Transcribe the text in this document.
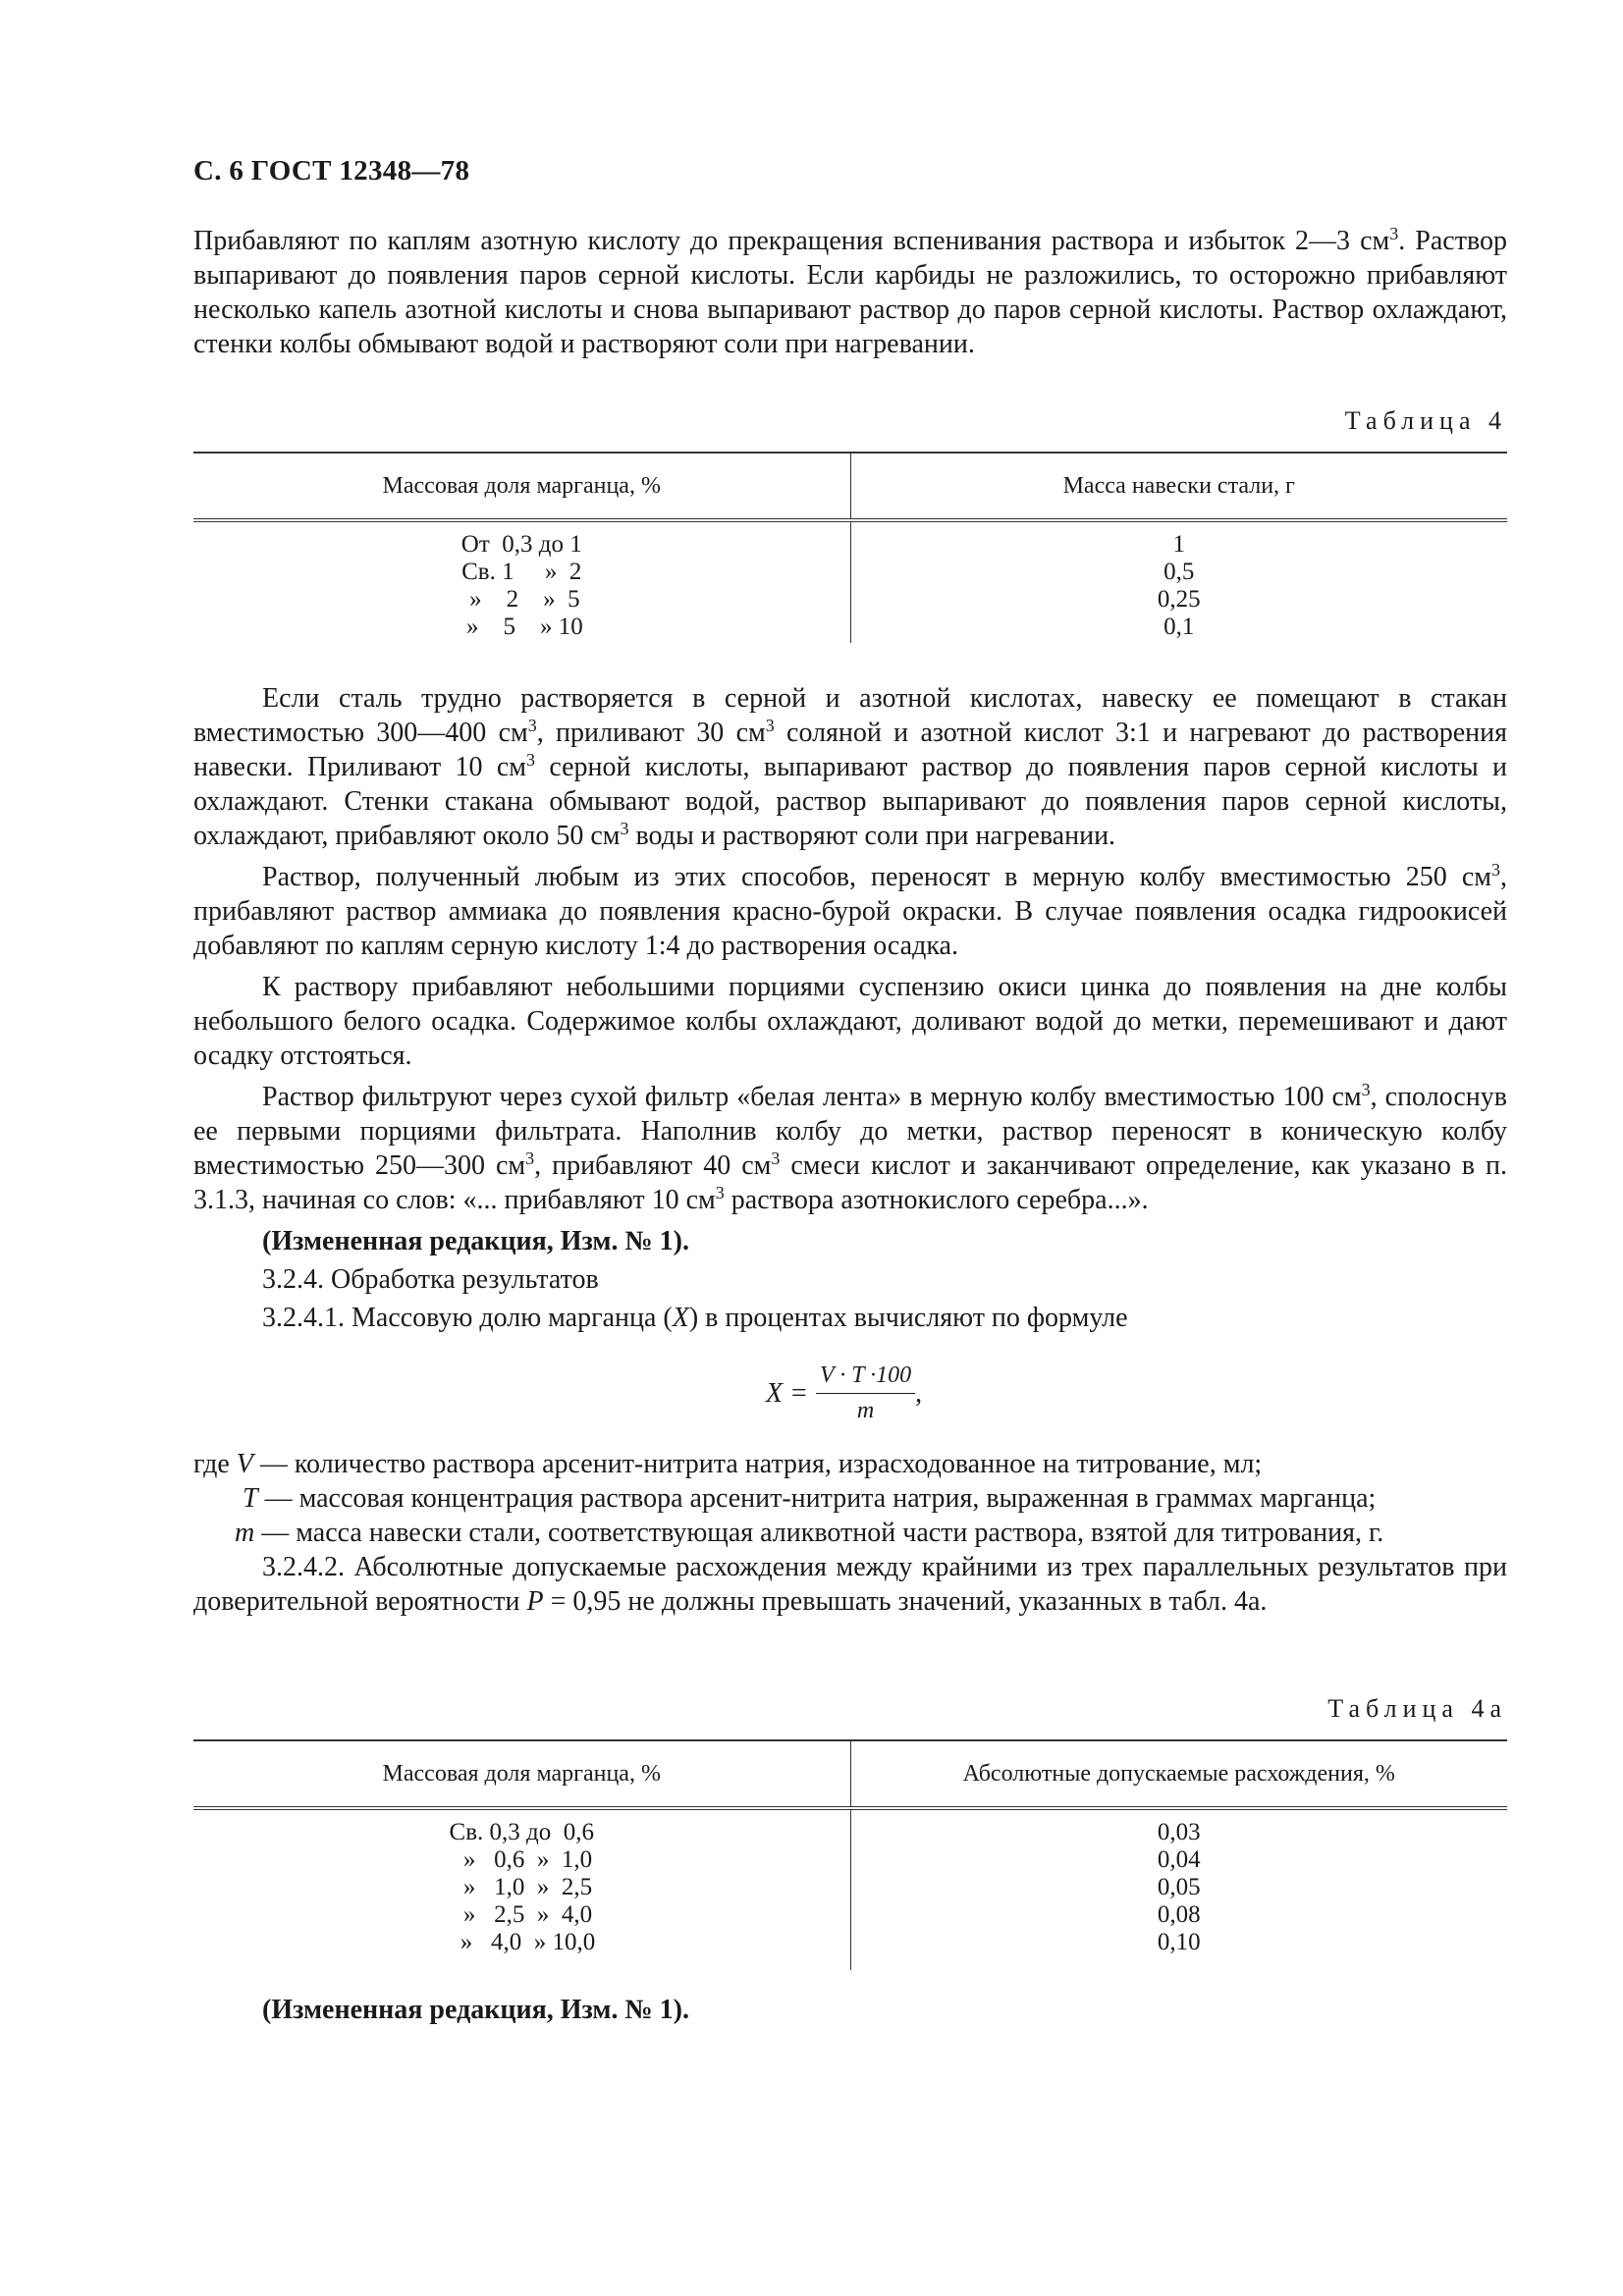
С. 6 ГОСТ 12348—78

Прибавляют по каплям азотную кислоту до прекращения вспенивания раствора и избыток 2—3 $см^3$. Раствор выпаривают до появления паров серной кислоты. Если карбиды не разложились, то осторожно прибавляют несколько капель азотной кислоты и снова выпаривают раствор до паров серной кислоты. Раствор охлаждают, стенки колбы обмывают водой и растворяют соли при нагревании.

Таблица 4
Массовая доля марганца, %	Масса навески стали, г
От  0,3 до 1
Св. 1     »  2
»    2    »  5
»    5    » 10
1
0,5
0,25
0,1

Если сталь трудно растворяется в серной и азотной кислотах, навеску ее помещают в стакан вместимостью 300—400 $см^3$, приливают 30 $см^3$ соляной и азотной кислот 3:1 и нагревают до растворения навески. Приливают 10 $см^3$ серной кислоты, выпаривают раствор до появления паров серной кислоты и охлаждают. Стенки стакана обмывают водой, раствор выпаривают до появления паров серной кислоты, охлаждают, прибавляют около 50 $см^3$ воды и растворяют соли при нагревании.

Раствор, полученный любым из этих способов, переносят в мерную колбу вместимостью 250 $см^3$, прибавляют раствор аммиака до появления красно-бурой окраски. В случае появления осадка гидроокисей добавляют по каплям серную кислоту 1:4 до растворения осадка.

К раствору прибавляют небольшими порциями суспензию окиси цинка до появления на дне колбы небольшого белого осадка. Содержимое колбы охлаждают, доливают водой до метки, перемешивают и дают осадку отстояться.

Раствор фильтруют через сухой фильтр «белая лента» в мерную колбу вместимостью 100 $см^3$, сполоснув ее первыми порциями фильтрата. Наполнив колбу до метки, раствор переносят в коническую колбу вместимостью 250—300 $см^3$, прибавляют 40 $см^3$ смеси кислот и заканчивают определение, как указано в п. 3.1.3, начиная со слов: «... прибавляют 10 $см^3$ раствора азотнокислого серебра...».

(Измененная редакция, Изм. № 1).

3.2.4. Обработка результатов

3.2.4.1. Массовую долю марганца (X) в процентах вычисляют по формуле

$X = \frac{V \cdot T \cdot 100}{m}$ ,

где V — количество раствора арсенит-нитрита натрия, израсходованное на титрование, мл;

T — массовая концентрация раствора арсенит-нитрита натрия, выраженная в граммах марганца;

m — масса навески стали, соответствующая аликвотной части раствора, взятой для титрования, г.

3.2.4.2. Абсолютные допускаемые расхождения между крайними из трех параллельных результатов при доверительной вероятности P = 0,95 не должны превышать значений, указанных в табл. 4а.

Таблица 4а
Массовая доля марганца, %	Абсолютные допускаемые расхождения, %
Св. 0,3 до  0,6
»   0,6  »  1,0
»   1,0  »  2,5
»   2,5  »  4,0
»   4,0  » 10,0
0,03
0,04
0,05
0,08
0,10
(Измененная редакция, Изм. № 1).
